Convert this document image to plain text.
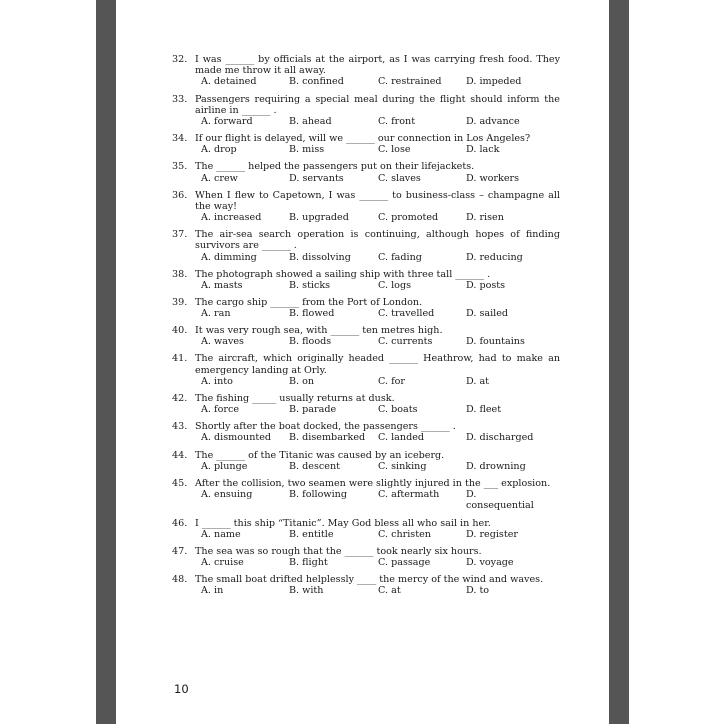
32. I was ______ by officials at the airport, as I was carrying fresh food. They made me throw it all away.
A. detained	B. confined	C. restrained	D. impeded
33. Passengers requiring a special meal during the flight should inform the airline in ______ .
A. forward	B. ahead	C. front	D. advance
34. If our flight is delayed, will we ______ our connection in Los Angeles?
A. drop	B. miss	C. lose	D. lack
35. The ______ helped the passengers put on their lifejackets.
A. crew	D. servants	C. slaves	D. workers
36. When I flew to Capetown, I was ______ to business-class – champagne all the way!
A. increased	B. upgraded	C. promoted	D. risen
37. The air-sea search operation is continuing, although hopes of finding survivors are ______ .
A. dimming	B. dissolving	C. fading	D. reducing
38. The photograph showed a sailing ship with three tall ______ .
A. masts	B. sticks	C. logs	D. posts
39. The cargo ship ______ from the Port of London.
A. ran	B. flowed	C. travelled	D. sailed
40. It was very rough sea, with ______ ten metres high.
A. waves	B. floods	C. currents	D. fountains
41. The aircraft, which originally headed ______ Heathrow, had to make an emergency landing at Orly.
A. into	B. on	C. for	D. at
42. The fishing _____ usually returns at dusk.
A. force	B. parade	C. boats	D. fleet
43. Shortly after the boat docked, the passengers ______ .
A. dismounted	B. disembarked	C. landed	D. discharged
44. The ______ of the Titanic was caused by an iceberg.
A. plunge	B. descent	C. sinking	D. drowning
45. After the collision, two seamen were slightly injured in the ___ explosion.
A. ensuing	B. following	C. aftermath	D. consequential
46. I ______ this ship “Titanic”. May God bless all who sail in her.
A. name	B. entitle	C. christen	D. register
47. The sea was so rough that the ______ took nearly six hours.
A. cruise	B. flight	C. passage	D. voyage
48. The small boat drifted helplessly ____ the mercy of the wind and waves.
A. in	B. with	C. at	D. to
10
